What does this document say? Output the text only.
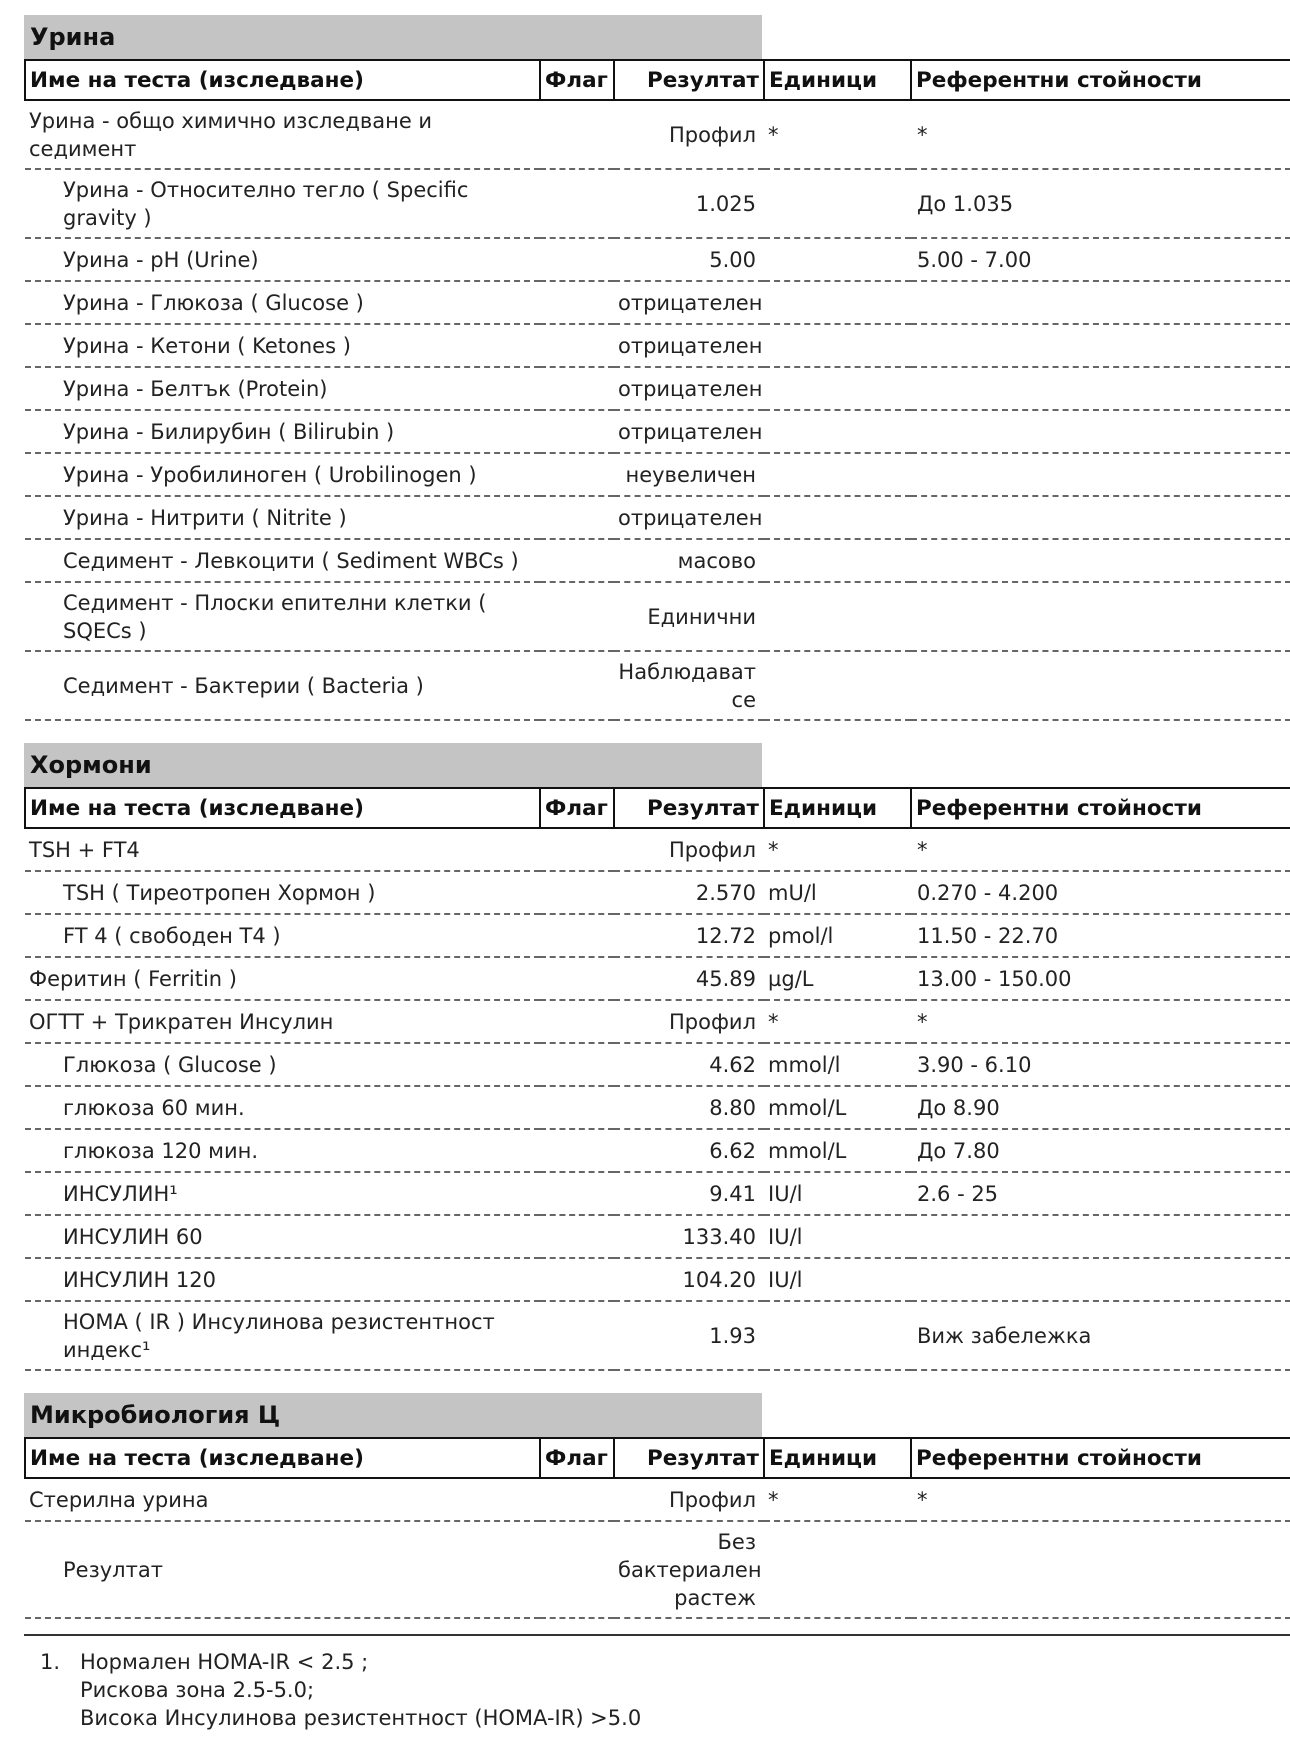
Урина
Име на теста (изследване)	Флаг	Резултат	Единици	Референтни стойности
Урина - общо химично изследване и седимент		Профил	*	*
Урина - Относително тегло ( Specific gravity )		1.025		До 1.035
Урина - pH (Urine)		5.00		5.00 - 7.00
Урина - Глюкоза ( Glucose )		отрицателен		
Урина - Кетони ( Ketones )		отрицателен		
Урина - Белтък (Protein)		отрицателен		
Урина - Билирубин ( Bilirubin )		отрицателен		
Урина - Уробилиноген ( Urobilinogen )		неувеличен		
Урина - Нитрити ( Nitrite )		отрицателен		
Седимент - Левкоцити ( Sediment WBCs )		масово		
Седимент - Плоски епителни клетки ( SQECs )		Единични		
Седимент - Бактерии ( Bacteria )		Наблюдават се		
Хормони
Име на теста (изследване)	Флаг	Резултат	Единици	Референтни стойности
TSH + FT4		Профил	*	*
TSH ( Тиреотропен Хормон )		2.570	mU/l	0.270 - 4.200
FT 4 ( свободен Т4 )		12.72	pmol/l	11.50 - 22.70
Феритин ( Ferritin )		45.89	µg/L	13.00 - 150.00
ОГТТ + Трикратен Инсулин		Профил	*	*
Глюкоза ( Glucose )		4.62	mmol/l	3.90 - 6.10
глюкоза 60 мин.		8.80	mmol/L	До 8.90
глюкоза 120 мин.		6.62	mmol/L	До 7.80
ИНСУЛИН¹		9.41	IU/l	2.6 - 25
ИНСУЛИН 60		133.40	IU/l	
ИНСУЛИН 120		104.20	IU/l	
HOMA ( IR ) Инсулинова резистентност индекс¹		1.93		Виж забележка
Микробиология Ц
Име на теста (изследване)	Флаг	Резултат	Единици	Референтни стойности
Стерилна урина		Профил	*	*
Резултат		Без бактериален растеж		
1. Нормален HOMA-IR < 2.5 ;
Рискова зона 2.5-5.0;
Висока Инсулинова резистентност (HOMA-IR) >5.0
